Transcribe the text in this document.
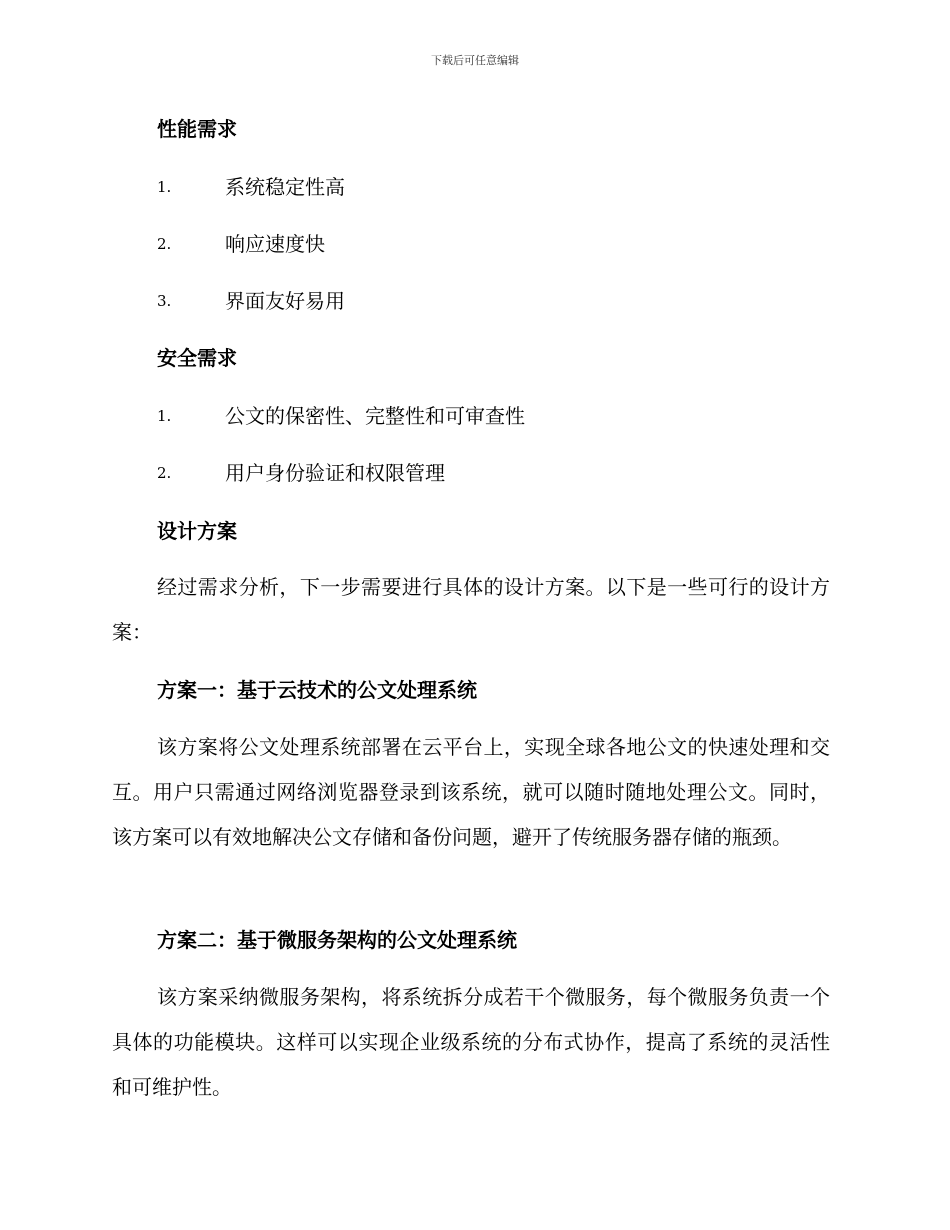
下载后可任意编辑
性能需求
1.	系统稳定性高
2.	响应速度快
3.	界面友好易用
安全需求
1.	公文的保密性、完整性和可审查性
2.	用户身份验证和权限管理
设计方案

经过需求分析，下一步需要进行具体的设计方案。以下是一些可行的设计方案：

方案一：基于云技术的公文处理系统

该方案将公文处理系统部署在云平台上，实现全球各地公文的快速处理和交互。用户只需通过网络浏览器登录到该系统，就可以随时随地处理公文。同时，该方案可以有效地解决公文存储和备份问题，避开了传统服务器存储的瓶颈。

方案二：基于微服务架构的公文处理系统

该方案采纳微服务架构，将系统拆分成若干个微服务，每个微服务负责一个具体的功能模块。这样可以实现企业级系统的分布式协作，提高了系统的灵活性和可维护性。
